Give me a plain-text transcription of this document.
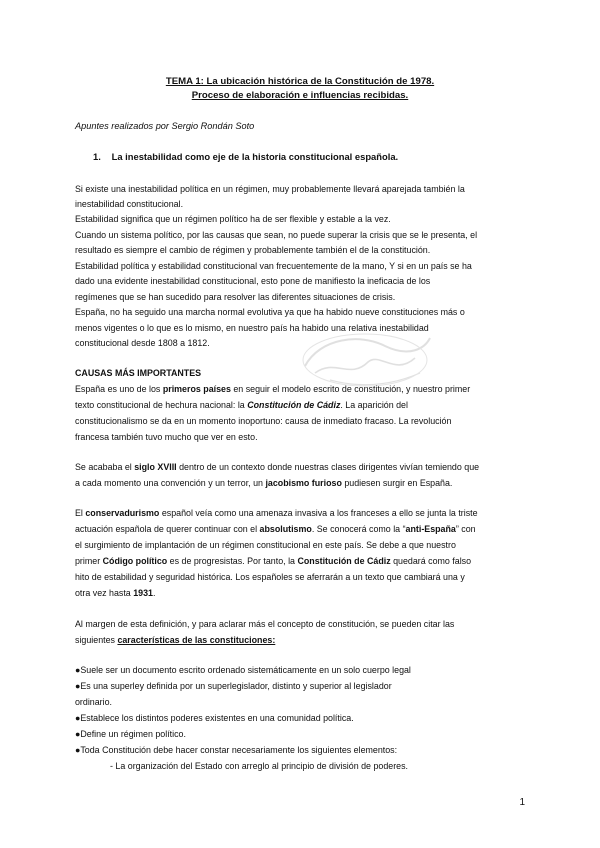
TEMA 1: La ubicación histórica de la Constitución de 1978.
Proceso de elaboración e influencias recibidas.
Apuntes realizados por Sergio Rondán Soto
1. La inestabilidad como eje de la historia constitucional española.
Si existe una inestabilidad política en un régimen, muy probablemente llevará aparejada también la
inestabilidad constitucional.
Estabilidad significa que un régimen político ha de ser flexible y estable a la vez.
Cuando un sistema político, por las causas que sean, no puede superar la crisis que se le presenta, el
resultado es siempre el cambio de régimen y probablemente también el de la constitución.
Estabilidad política y estabilidad constitucional van frecuentemente de la mano, Y si en un país se ha
dado una evidente inestabilidad constitucional, esto pone de manifiesto la ineficacia de los
regímenes que se han sucedido para resolver las diferentes situaciones de crisis.
España, no ha seguido una marcha normal evolutiva ya que ha habido nueve constituciones más o
menos vigentes o lo que es lo mismo, en nuestro país ha habido una relativa inestabilidad
constitucional desde 1808 a 1812.
CAUSAS MÁS IMPORTANTES
España es uno de los primeros países en seguir el modelo escrito de constitución, y nuestro primer
texto constitucional de hechura nacional: la Constitución de Cádiz. La aparición del
constitucionalismo se da en un momento inoportuno: causa de inmediato fracaso. La revolución
francesa también tuvo mucho que ver en esto.
Se acababa el siglo XVIII dentro de un contexto donde nuestras clases dirigentes vivían temiendo que
a cada momento una convención y un terror, un jacobismo furioso pudiesen surgir en España.
El conservadurismo español veía como una amenaza invasiva a los franceses a ello se junta la triste
actuación española de querer continuar con el absolutismo. Se conocerá como la “anti-España” con
el surgimiento de implantación de un régimen constitucional en este país. Se debe a que nuestro
primer Código político es de progresistas. Por tanto, la Constitución de Cádiz quedará como falso
hito de estabilidad y seguridad histórica. Los españoles se aferrarán a un texto que cambiará una y
otra vez hasta 1931.
Al margen de esta definición, y para aclarar más el concepto de constitución, se pueden citar las
siguientes características de las constituciones:
●Suele ser un documento escrito ordenado sistemáticamente en un solo cuerpo legal
●Es una superley definida por un superlegislador, distinto y superior al legislador
ordinario.
●Establece los distintos poderes existentes en una comunidad política.
●Define un régimen político.
●Toda Constitución debe hacer constar necesariamente los siguientes elementos:
- La organización del Estado con arreglo al principio de división de poderes.
1
